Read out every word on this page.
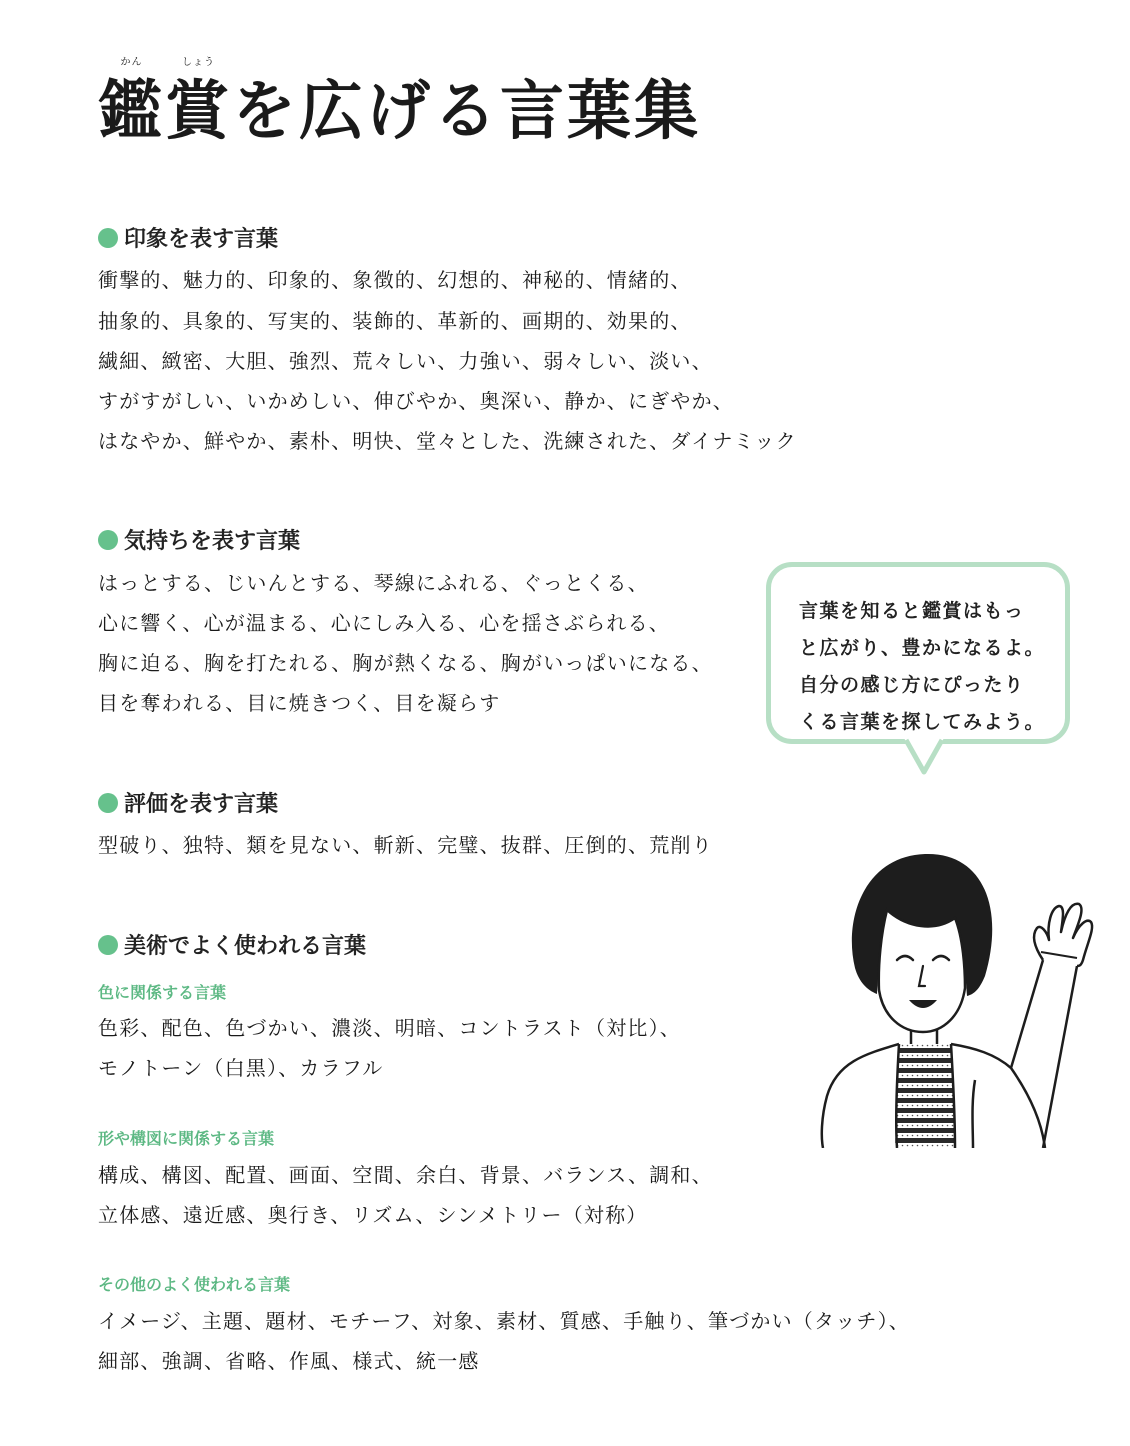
鑑
かん
賞
しょう
を広げる言葉集
印象を表す言葉
衝撃的、魅力的、印象的、象徴的、幻想的、神秘的、情緒的、
抽象的、具象的、写実的、装飾的、革新的、画期的、効果的、
繊細、緻密、大胆、強烈、荒々しい、力強い、弱々しい、淡い、
すがすがしい、いかめしい、伸びやか、奥深い、静か、にぎやか、
はなやか、鮮やか、素朴、明快、堂々とした、洗練された、ダイナミック
気持ちを表す言葉
はっとする、じいんとする、琴線にふれる、ぐっとくる、
心に響く、心が温まる、心にしみ入る、心を揺さぶられる、
胸に迫る、胸を打たれる、胸が熱くなる、胸がいっぱいになる、
目を奪われる、目に焼きつく、目を凝らす
評価を表す言葉
型破り、独特、類を見ない、斬新、完璧、抜群、圧倒的、荒削り
美術でよく使われる言葉
色に関係する言葉
色彩、配色、色づかい、濃淡、明暗、コントラスト（対比）、
モノトーン（白黒）、カラフル
形や構図に関係する言葉
構成、構図、配置、画面、空間、余白、背景、バランス、調和、
立体感、遠近感、奥行き、リズム、シンメトリー（対称）
その他のよく使われる言葉
イメージ、主題、題材、モチーフ、対象、素材、質感、手触り、筆づかい（タッチ）、
細部、強調、省略、作風、様式、統一感
言葉を知ると鑑賞はもっ
と広がり、豊かになるよ。
自分の感じ方にぴったり
くる言葉を探してみよう。
